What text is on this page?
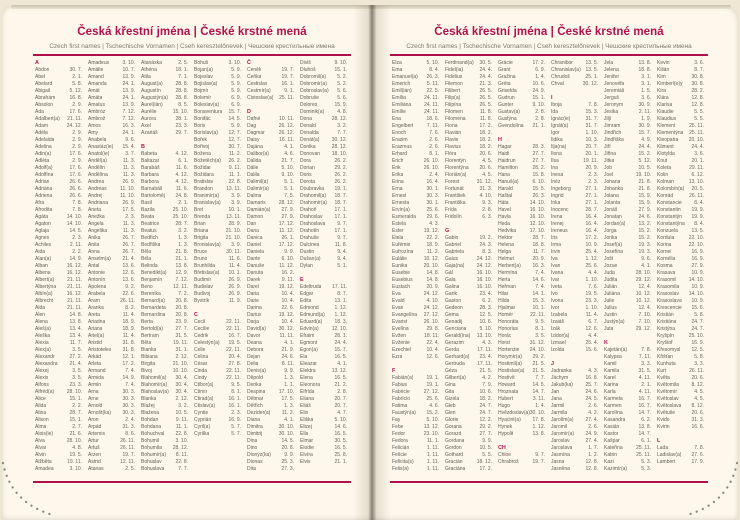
Česká křestní jména | České krstné mená
Czech first names | Tschechische Vornamen | Cseh keresztelőnevek | Чешские крестильные имена
A
Abdon	30. 7.
Ábel	2. 1.
Abelard	5. 8.
Abigail	5. 12.
Abrahám	16. 8.
Absolon	2. 9.
Ada	17. 6.
Adalbert(a) 21. 11.
Adam	24. 12.
Adéla	2. 9.
Adelaida	2. 9.
Adelina	2. 9.
Adin(a)	17. 6.
Adléta	2. 9.
Adolf(a)	17. 6.
Adolfína	17. 6.
Adrian	26. 6.
Adriana	26. 6.
Adriena	26. 6.
Afra	7. 8.
Afrodita	7. 8.
Agáta	14. 10.
Agaton	14. 10.
Aglaja	14. 5.
Agnes	2. 3.
Achiles	2. 11.
Aida	2. 2.
Alan(a)	14. 9.
Alban	16. 12.
Albena	16. 12.
Albert(a)	21. 11.
Albertýna 21. 11.
Albín(a)	16. 12.
Albrecht	21. 11.
Alda	21. 11.
Alen	14. 8.
Alena	13. 8.
Aleš(a)	13. 4.
Aleška	13. 4.
Alexia	11. 7.
Alex(a)	3. 5.
Alexandr	27. 2.
Alexandra 21. 4.
Alexej	3. 5.
Alexis	3. 5.
Alfons	23. 3.
Alfréd(a)	28. 10.
Alice	15. 1.
Alida	2. 2.
Alina	28. 7.
Alison	15. 1.
Alma	2. 7.
Alois(ie)	21. 6.
Alva	28. 10.
Alvar	4. 8.
Alvin	19. 5.
Alžběta	19. 11.
Amadea	3. 10.
Amadeus	3. 10.
Amálie	10. 7.
Amand	13. 9.
Amanda	24. 1.
Amát	13. 9.
Amáta	24. 1.
Amatus	13. 9.
Ambróz	7. 12.
Ambrož	7. 12.
Ámos	16. 3.
Amy	24. 1.
Anabela	9. 6.
Anastáz(ie) 15. 4.
Anatol(ie)	3. 7.
Anděl(a)	11. 3.
Andělín	11. 3.
Andělína	11. 3.
Andrea	26. 9.
Andreas	11. 10.
Andrej	11. 10.
Andriana	26. 9.
Aneta	17. 5.
Anežka	2. 3.
Angela	11. 3.
Angelika	11. 3.
Anika	26. 7.
Anita	26. 7.
Anna	26. 7.
Anselm(a) 21. 4.
Antal	13. 6.
Antonie	12. 6.
Antonín	13. 6.
Apolena	9. 2.
Arabela	22. 6.
Aram	26. 11.
Aranka	8. 2.
Areta	11. 4.
Ariadna	18. 9.
Ariana	18. 9.
Ariel(a)	11. 4.
Aristid	31. 8.
Aristoteles 31. 8.
Arkád	12. 1.
Arleta	17. 2.
Armand	7. 4.
Armida	14. 9.
Armin	7. 4.
Arna	30. 3.
Arne	30. 3.
Arnold	30. 3.
Arnošt(ka) 30. 3.
Áron	2. 4.
Árpád	31. 3.
Artemis	8. 6.
Artur	26. 11.
Artuš	26. 11.
Arzen	19. 7.
Astrid	12. 11.
Atanas	2. 5.
Atanáska	2. 5.
Athéna	18. 1.
Atila	7. 1.
August(a)	28. 8.
Augustín	28. 8.
Augustýn(a) 28. 8.
Aurel(ián)	8. 5.
Aurélie	15. 10.
Aurora	28. 1.
Axel	23. 3.
Azariáš	29. 7.
B
Babeta	4. 12.
Baltazar	6. 1.
Barabáš	11. 6.
Barbara	4. 12.
Barbora	4. 12.
Barnabáš	11. 6.
Bartoloměj 24. 8.
Basil	2. 1.
Bazila	25. 10.
Beata	25. 10.
Beatrice	28. 7.
Beatus	3. 2.
Bedřich	1. 3.
Bedřiška	1. 3.
Běla	21. 8.
Béla	21. 1.
Belinda	13. 8.
Benedikt(a) 12. 9.
Benjamín	7. 12.
Beno	12. 11.
Berenika	7. 2.
Bernard(a) 20. 8.
Bernardeta 20. 8.
Bernardina 20. 8.
Berta	23. 9.
Bertold(a)	27. 7.
Bertram	31. 5.
Běta	19. 11.
Bianka	31. 1.
Bibiana	2. 12.
Birgita	21. 10.
Bivoj	10. 10.
Blahomil(a) 30. 4.
Blahomír(a) 30. 4.
Blahoslav(a) 30. 4.
Blanka	2. 12.
Blažej	3. 2.
Blažena	10. 5.
Bohdan	9. 11.
Bohdana	11. 1.
Bohuchval 22. 8.
Bohumil	3. 10.
Bohumila 28. 12.
Bohumír(a) 8. 11.
Bohuslav	22. 8.
Bohuslava	7. 7.
Bohuš	3. 10.
Bojan(a)	5. 9.
Bojeslav	5. 9.
Bojislav(a)	5. 9.
Bojmír	5. 9.
Bolemír	6. 9.
Boleslav(a) 6. 9.
Bonaventura 15. 7.
Bonifác	14. 5.
Boris	5. 9.
Borislav(a) 12. 7.
Bořek	12. 7.
Bořivoj	30. 7.
Božena	11. 2.
Božetěch(a) 26. 2.
Božidar	9. 11.
Božidara	11. 1.
Bratislav	22. 8.
Brandon	13. 11.
Branimír(a) 3. 9.
Branislav(a) 3. 9.
Bret	10. 1.
Brenda	13. 11.
Brian	28. 9.
Briana	21. 10.
Brigita	21. 10.
Bronislav(a) 3. 9.
Bruce	30. 11.
Bruno	11. 6.
Brunhilda	11. 4.
Břetislav(a) 10. 1.
Budimír	26. 9.
Budislav	26. 9.
Budivoj	26. 9.
Bystrík	11. 9.
C
Cecil	22. 11.
Cecílie	22. 11.
Cedrik	16. 7.
Celestýn(a) 19. 5.
Celie	22. 11.
Celina	20. 4.
César	27. 8.
Cinda	22. 11.
Cindy	22. 11.
Ctibor(a)	9. 5.
Ctimír	8. 1.
Ctirad(a)	16. 1.
Ctislav(a)	16. 1.
Cyntie	2. 3.
Cyprián	16. 9.
Cyril(a)	5. 7.
Cyrilka	5. 7.
Č
Čeněk	19. 7.
Čeňka	19. 7.
Čestislav	16. 1.
Čestmír(a)	9. 1.
Čistoslav(a) 25. 11.
D
Dafné	10. 11.
Dag	26. 12.
Dagmar	26. 12.
Daisy	16. 11.
Dajána	4. 1.
Dalibor(a)	4. 6.
Dalida	21. 7.
Dálie	5. 10.
Dalila	9. 10.
Dalimil(a)	5. 1.
Dalimír(a)	5. 1.
Dalma	7. 5.
Damaris	28. 12.
Damián(a) 27. 9.
Damon	27. 9.
Dan	17. 12.
Dana	11. 12.
Danica	26. 1.
Daniel	17. 12.
Daniela	9. 9.
Dante	6. 10.
Danuše	11. 12.
Danuta	16. 2.
Darek	9. 11.
Darel	19. 12.
Daria	10. 4.
Darie	10. 4.
Darina	22. 6.
Darius	19. 12.
Darja	10. 4.
David(a)	30. 12.
Davor	11. 11.
Deana	4. 1.
Debora	21. 9.
Dejan	24. 6.
Delia	8. 11.
Denis(a)	9. 9.
Děpold	1. 3.
Derika	1. 1.
Despina	17. 10.
Dětmar	17. 5.
Dětřich	1. 3.
Dezider(a) 11. 2.
Diana	4. 1.
Dimitra	30. 10.
Dimitrij	30. 10.
Dina	14. 5.
Dino	20. 8.
Dionýz(ka)	9. 9.
Dionas	25. 3.
Dita	27. 3.
Diviš	9. 10.
Dluhoš	15. 1.
Dobromil(a) 5. 2.
Dobromír(a) 5. 2.
Dobroslav(a) 5. 6.
Dobruše	5. 6.
Dolores	15. 9.
Dominik(a)	4. 8.
Dona	28. 12.
Donald	3. 2.
Donalda	7. 7.
Donát(a) 30. 12.
Donika	28. 12.
Donovan 18. 10.
Dora	26. 2.
Dorian	29. 2.
Doris	26. 2.
Dorota	26. 2.
Doubravka 19. 1.
Drahomil(a) 18. 7.
Drahomír(a) 18. 7.
Drahoň	17. 1.
Drahoslav 17. 1.
Drahoslava 9. 7.
Drahotín	17. 1.
Drahuše	9. 7.
Dulcinea	11. 8.
Dustin	9. 4.
Dušan(a)	9. 4.
Dylan	5. 1.
E
Edeltruda 17. 11.
Edgar	8. 7.
Edita	13. 1.
Edmond	1. 12.
Edmund(a) 1. 12.
Eduard(a) 18. 3.
Edvin(a)	12. 10.
Efraim	28. 1.
Egmont	24. 4.
Egon(a)	15. 7.
Ela	16. 5.
Eleazar	4. 1.
Elektra	13. 12.
Elena	16. 5.
Eleonora	21. 2.
Elfrída	2. 8.
Eliana	20. 7.
Eliáš	20. 7.
Elin	4. 7.
Eliška	5. 10.
Elizej	14. 6.
Ella	16. 5.
Elmar	30. 5.
Elodie	16. 5.
Elvíra	25. 8.
Elvis	21. 1.
Česká křestní jména | České krstné mená
Czech first names | Tschechische Vornamen | Cseh keresztelőnevek | Чешские крестильные имена
Elza	5. 10.
Ema	8. 4.
Emanuel(a) 26. 3.
Emerich	5. 11.
Emil(ián)	22. 5.
Emília	24. 11.
Emiliána	24. 11.
Emílie	24. 11.
Ena	18. 6.
Engelbert	7. 11.
Enoch	7. 6.
Erazim	2. 6.
Erazmus	2. 6.
Erhard	8. 1.
Erich	26. 10.
Erik	26. 10.
Erika	2. 4.
Erina	16. 4.
Erna	30. 1.
Ernest	30. 3.
Ernesta	30. 1.
Ervín(a)	25. 6.
Esmeralda 29. 6.
Estela	4. 3.
Ester	19. 12.
Etela	22. 2.
Eufémie	18. 9.
Eufrozína	11. 2.
Eulálie	10. 12.
Eunika	20. 10.
Eusebie	14. 8.
Eusebius	14. 8.
Eustach	20. 9.
Eva	24. 12.
Evald	4. 10.
Evan	24. 12.
Evangelína 27. 12.
Evarist	26. 10.
Evelína	29. 8.
Evžen	18. 11.
Evženie	22. 4.
Ezechiel	10. 4.
Ezra	12. 6.
F
Fabián(a)	19. 1.
Fabius	19. 1.
Fabricie	27. 12.
Fabrício	25. 6.
Fatima	4. 6.
Faustýn(a) 15. 2.
Fay	5. 10.
Febe	13. 12.
Fedor	23. 10.
Fedora	11. 1.
Felicián	1. 11.
Felície	1. 11.
Felicita(s)	1. 11.
Felix(a)	1. 11.
Ferdinand(a) 30. 5.
Fidel(ia)	24. 4.
Fidelius	24. 4.
Filemon	21. 3.
Filibert	26. 5.
Filip(a)	26. 5.
Filipína	26. 5.
Filomen	11. 8.
Filomena	11. 8.
Fiona	17. 2.
Flavián	18. 2.
Flavie	18. 2.
Flavius	18. 2.
Flóra	20. 6.
Florentýn	4. 5.
Florentýna 20. 6.
Florián(a)	4. 5.
Forest	31. 12.
Fortunát	31. 3.
František	4. 10.
Františka	9. 3.
Frída	2. 8.
Fridolín	6. 3.
G
Gabin	19. 2.
Gabriel	24. 3.
Gabriela	8. 3.
Gaius	24. 12.
Gaja(na) 24. 12.
Gál	16. 10.
Gala	16. 10.
Galina	16. 10.
Garik	23. 4.
Gaston	6. 2.
Gedeon	28. 3.
Gema	12. 5.
Genadij	10. 6.
Genciana	5. 10.
Gerald(ína) 13. 10.
Gerazim	4. 3.
Gerda	17. 11.
Gerhard(a) 23. 4.
Gertruda 17. 11.
Géza	21. 5.
Gilbert(a)	4. 2.
Gina	7. 9.
Gita	10. 6.
Gizela	18. 2.
Gleb	24. 7.
Glen	24. 7.
Glorie	12. 2.
Gorana	29. 2.
Gorazd	27. 7.
Gordana	9. 9.
Gordon	10. 5.
Gothard	5. 5.
Gracián	18. 12.
Graciána	17. 2.
Grácie	17. 2.
Grant	6. 9.
Gražina	1. 4.
Gréta	10. 6.
Griselda	24. 9.
Gudrun	15. 1.
Gunter	9. 10.
Gustav(a)	2. 8.
Gustýna	2. 8.
Gvendolína 21. 1.
H
Hagar	28. 3.
Haidi	27. 7.
Haidrun	27. 7.
Hamilton	28. 2.
Hana	15. 8.
Hanuš(a)	6. 10.
Harald	15. 5.
Haštal	26. 3.
Háta	14. 10.
Havel	16. 10.
Havla	16. 10.
Heda	12. 10.
Hedvika	17. 10.
Hektor	28. 7.
Helena	18. 8.
Helga	11. 7.
Helmut	20. 9.
Herbert(a) 16. 3.
Hermína	7. 4.
Herta	14. 6.
Heřman	7. 4.
Hilar	14. 1.
Hilda	15. 3.
Hjalmar	10. 1.
Homér	22. 11.
Honoráta	9. 5.
Honorius	8. 1.
Horác	3. 5.
Horst	31. 12.
Hortenzie 24. 10.
Horymír(a) 29. 2.
Hostimil(a) 21. 5.
Hostislav(a) 21. 5.
Hostivít	7. 7.
Howard	14. 5.
Hroznata	14. 7.
Hubert	3. 11.
Hugo	1. 4.
Hvězdoslav(a) 30. 10.
Hyacint(a) 17. 8.
Hynek	1. 12.
Hypolit	13. 8.
CH
Chloe	9. 7.
Chrabroš	19. 7.
Chranibor	13. 5.
Chranislav(a) 13. 5.
Chrudoš	25. 1.
Chval	30. 12.
I
Iboja	7. 8.
Ida	15. 3.
Ignác(ie)	31. 7.
Ignát(a)	31. 7.
Igor	1. 10.
Ildika	10. 3.
Ilja(na)	20. 7.
Ilona	20. 1.
Ilsa	19. 11.
Ina	20. 9.
Inesa	2. 3.
Inéz	2. 3.
Ingeborg	27. 1.
Ingrid	27. 1.
Inka	27. 1.
Inocenc	28. 7.
Irena	16. 4.
Irenej	16. 4.
Ireneus	16. 4.
Iris	17. 2.
Irma	10. 9.
Irvin	25. 4.
Iva	1. 12.
Ivan	25. 6.
Ivana	4. 4.
Ivar	1. 10.
Iveta	7. 6.
Ivo	19. 5.
Ivona	23. 3.
Ivor	1. 10.
Izabela	11. 4.
Izaiáš	6. 7.
Izák	12. 6.
Izidor(a)	4. 4.
Izmael	25. 4.
Izolda	15. 6.
J
Jadranka	4. 3.
Jáchym	16. 8.
Jakub(ka)	25. 7.
Jan	24. 6.
Jana	24. 5.
Jarmil	2. 6.
Jarmila	4. 2.
Jarolím(a) 27. 4.
Jaromil	2. 6.
Jaromír(a) 24. 9.
Jaroslav	27. 4.
Jaroslava	1. 7.
Jasmína	1. 2.
Jasna	12. 8.
Jasněna	12. 8.
Jela	13. 8.
Jelena	18. 8.
Jenifer	3. 1.
Jenovéfa	3. 1.
Jeremiáš	1. 5.
Jerguš	3. 6.
Jeronym	30. 9.
Jesika	2. 11.
Jiljí	1. 9.
Jimram	30. 9.
Jindřich	15. 7.
Jindřiška	4. 9.
Jiří	24. 4.
Jiřina	15. 2.
Jitka	5. 12.
Job	10. 5.
Joel	19. 10.
Johana	21. 8.
Johanka	21. 8.
Jolana	15. 9.
Jolanta	15. 9.
Jonáš	27. 9.
Jonatan	24. 6.
Jordan(a)	13. 2.
Jorga	15. 2.
Jorika	15. 2.
Josef(a)	19. 3.
Josefína	19. 3.
Jošt	9. 6.
Jozue	4. 1.
Juda	28. 10.
Judita	29. 12.
Julián	12. 4.
Juliána	10. 12.
Julie	10. 12.
Julius	12. 4.
Justin	7. 10.
Justýn(a)	7. 10.
Juta	29. 12.
K
Kajetán(a)	7. 8.
Kalypsa	7. 11.
Kamil	3. 3.
Kamila	31. 5.
Karel	4. 11.
Karina	2. 1.
Karla	4. 11.
Karmela	16. 7.
Karmen	16. 7.
Karolína	14. 7.
Kasandra	6. 2.
Kasián	13. 8.
Kastor	14. 7.
Kašpar	6. 1.
Kateřina	25. 11.
Katrin	25. 11.
Kazi	5. 3.
Kazimír(a)	5. 3.
Kevin	3. 6.
Kilián	8. 7.
Kim	30. 8.
Kimberl(e)y 30. 8.
Kira	28. 2.
Klára	12. 8.
Klarisa	12. 8.
Klaudie	5. 5.
Klaudius	5. 5.
Klement	25. 11.
Klementýna 25. 11.
Kleopatra 20. 10.
Kliment	24. 4.
Klotylda	3. 6.
Knut	20. 1.
Koleta	29. 11.
Kolin	6. 12.
Kolman	13. 10.
Kolombín(a) 20. 5.
Konrád	26. 11.
Konstancie	8. 4.
Konstantin 19. 9.
Konstantýn 19. 9.
Konstantýna 8. 4.
Konzuela	13. 5.
Kordula	22. 10.
Korina	22. 10.
Kornel	16. 9.
Kornélia	16. 9.
Kosma	27. 9.
Krasava	10. 9.
Krasomil 14. 10.
Krasomila 10. 9.
Krasoslav 14. 10.
Krasoslava 10. 9.
Krescencie 15. 6.
Kristián	5. 8.
Kristiána	24. 7.
Kristýna	24. 7.
Kryšpín	25. 10.
Kryštof	16. 9.
Křesomysl 12. 5.
Křišťan	5. 8.
Kunhuta	3. 3.
Kurt	26. 11.
Květa	20. 6.
Květomila	8. 12.
Květomír	4. 5.
Květoslav	4. 5.
Květoslava 8. 12.
Květuše	20. 6.
Kvido	31. 3.
Kvirin	16. 6.
L
Lada	7. 8.
Ladislav(a) 27. 6.
Lambert	17. 9.
